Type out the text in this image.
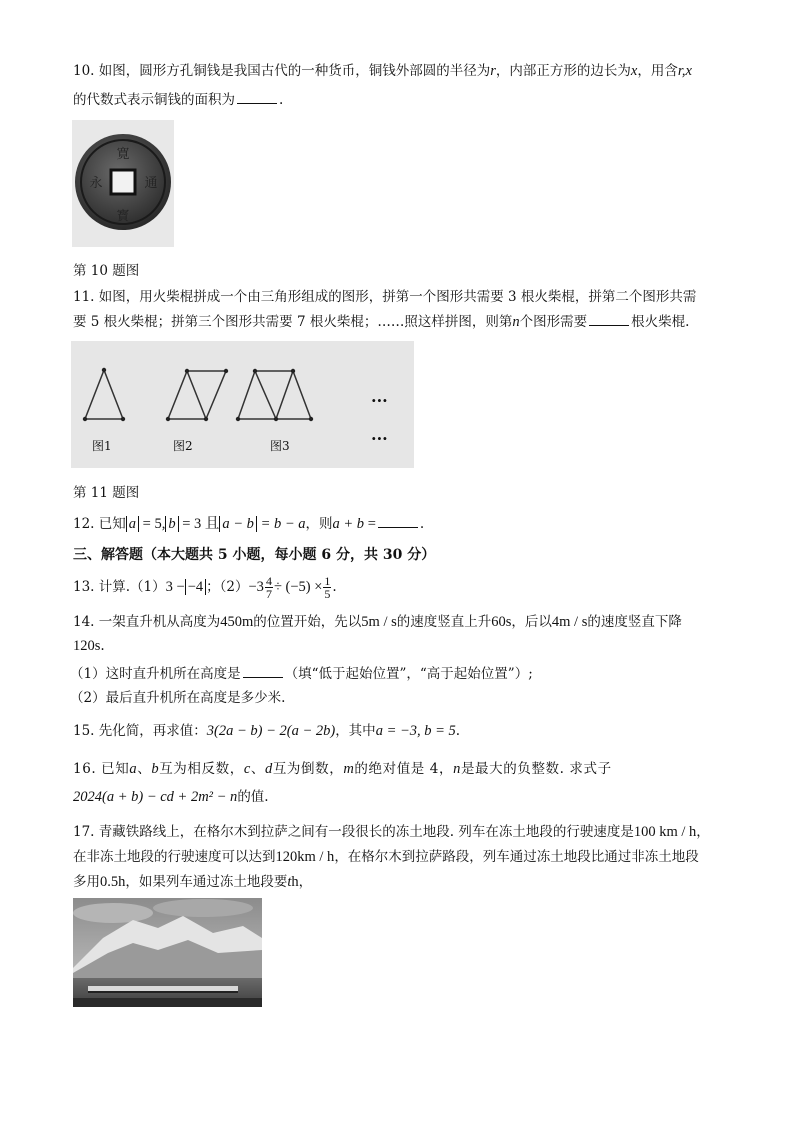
10. 如图，圆形方孔铜钱是我国古代的一种货币，铜钱外部圆的半径为r，内部正方形的边长为x，用含r,x
的代数式表示铜钱的面积为	.
寛
寳
永	通
第 10 题图
11. 如图，用火柴棍拼成一个由三角形组成的图形，拼第一个图形共需要 3 根火柴棍，拼第二个图形共需
要 5 根火柴棍；拼第三个图形共需要 7 根火柴棍；……照这样拼图，则第n个图形需要	根火柴棍.
图1	图2	图3
···
···
第 11 题图
12. 已知 a = 5, b = 3 且 a − b = b − a，则a + b =	.
三、解答题（本大题共 5 小题，每小题 6 分，共 30 分）
13. 计算.（1）3 − −4 ；$(2)-3 \frac{4}{7} \div (-5) \times \frac{1}{5}$ .
14. 一架直升机从高度为450m的位置开始，先以5m / s的速度竖直上升60s，后以4m / s的速度竖直下降
120s.
（1）这时直升机所在高度是	（填“低于起始位置”，“高于起始位置”）;
（2）最后直升机所在高度是多少米.
15. 先化简，再求值：3(2a − b) − 2(a − 2b)，其中a = −3, b = 5.
16. 已知a、b互为相反数，c、d互为倒数，m的绝对值是 4，n是最大的负整数. 求式子
2024(a + b) − cd + 2m² − n的值.
17. 青藏铁路线上，在格尔木到拉萨之间有一段很长的冻土地段. 列车在冻土地段的行驶速度是100 km / h，
在非冻土地段的行驶速度可以达到120km / h，在格尔木到拉萨路段，列车通过冻土地段比通过非冻土地段
多用0.5h，如果列车通过冻土地段要th，
